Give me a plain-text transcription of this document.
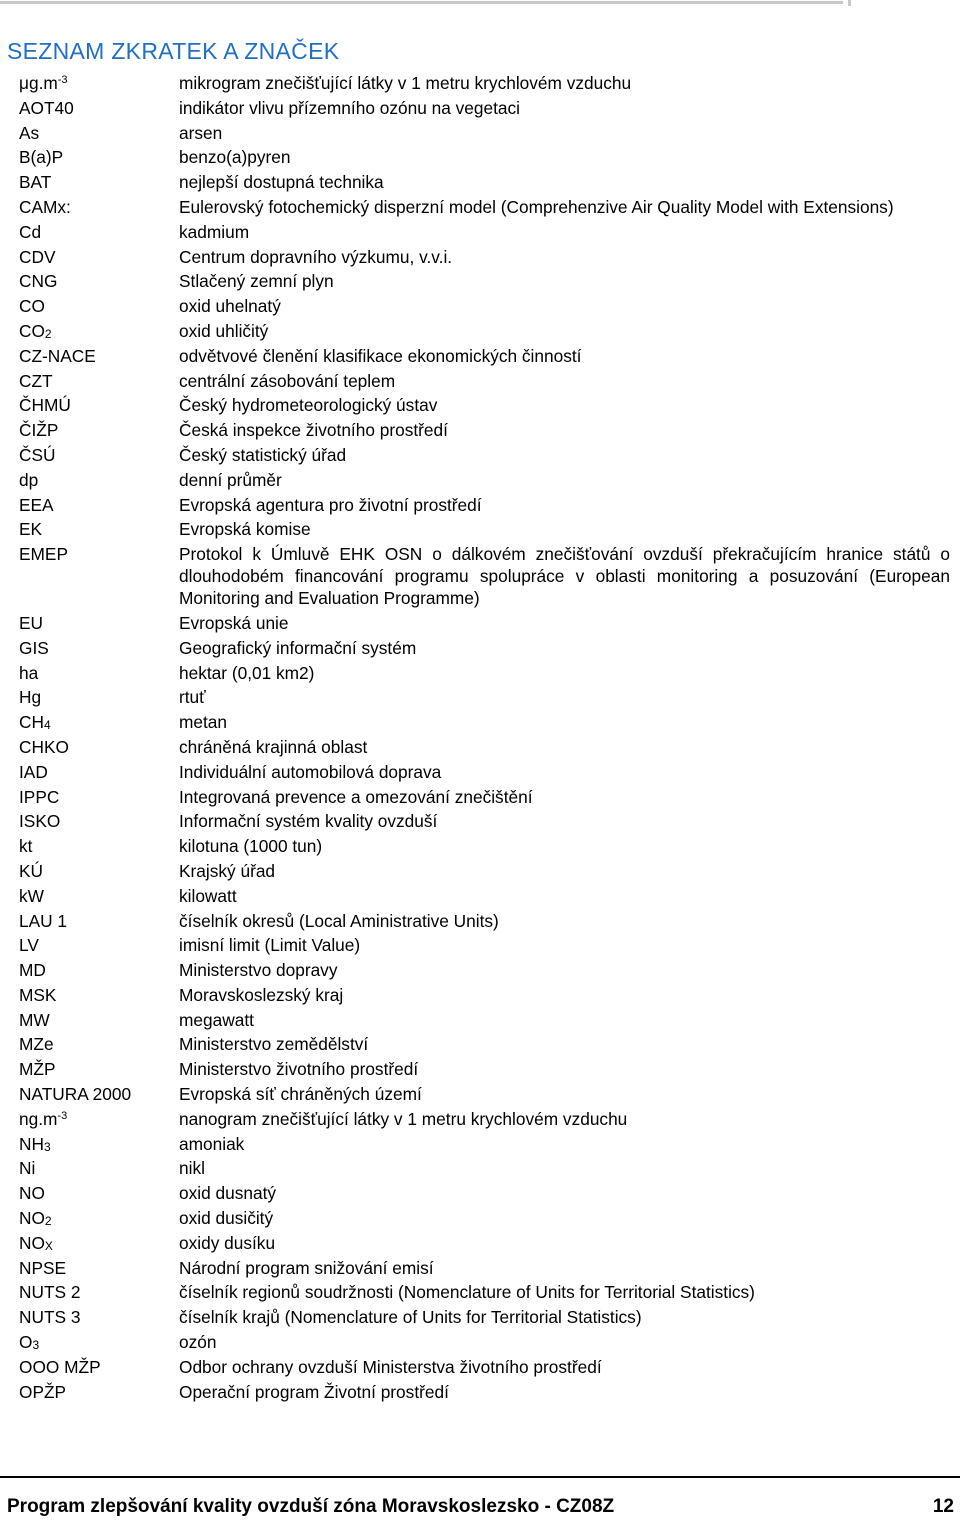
SEZNAM ZKRATEK A ZNAČEK
$\mu g.m^{-3}$	mikrogram znečišťující látky v 1 metru krychlovém vzduchu
AOT40	indikátor vlivu přízemního ozónu na vegetaci
As	arsen
B(a)P	benzo(a)pyren
BAT	nejlepší dostupná technika
CAMx:	Eulerovský fotochemický disperzní model (Comprehenzive Air Quality Model with Extensions)
Cd	kadmium
CDV	Centrum dopravního výzkumu, v.v.i.
CNG	Stlačený zemní plyn
CO	oxid uhelnatý
$CO_2$	oxid uhličitý
CZ-NACE	odvětvové členění klasifikace ekonomických činností
CZT	centrální zásobování teplem
ČHMÚ	Český hydrometeorologický ústav
ČIŽP	Česká inspekce životního prostředí
ČSÚ	Český statistický úřad
dp	denní průměr
EEA	Evropská agentura pro životní prostředí
EK	Evropská komise
EMEP	Protokol k Úmluvě EHK OSN o dálkovém znečišťování ovzduší překračujícím hranice států o dlouhodobém financování programu spolupráce v oblasti monitoring a posuzování (European Monitoring and Evaluation Programme)
EU	Evropská unie
GIS	Geografický informační systém
ha	hektar (0,01 km2)
Hg	rtuť
$CH_4$	metan
CHKO	chráněná krajinná oblast
IAD	Individuální automobilová doprava
IPPC	Integrovaná prevence a omezování znečištění
ISKO	Informační systém kvality ovzduší
kt	kilotuna (1000 tun)
KÚ	Krajský úřad
kW	kilowatt
LAU 1	číselník okresů (Local Aministrative Units)
LV	imisní limit (Limit Value)
MD	Ministerstvo dopravy
MSK	Moravskoslezský kraj
MW	megawatt
MZe	Ministerstvo zemědělství
MŽP	Ministerstvo životního prostředí
NATURA 2000	Evropská síť chráněných území
$ng.m^{-3}$	nanogram znečišťující látky v 1 metru krychlovém vzduchu
$NH_3$	amoniak
Ni	nikl
NO	oxid dusnatý
$NO_2$	oxid dusičitý
$NO_X$	oxidy dusíku
NPSE	Národní program snižování emisí
NUTS 2	číselník regionů soudržnosti (Nomenclature of Units for Territorial Statistics)
NUTS 3	číselník krajů (Nomenclature of Units for Territorial Statistics)
$O_3$	ozón
OOO MŽP	Odbor ochrany ovzduší Ministerstva životního prostředí
OPŽP	Operační program Životní prostředí
Program zlepšování kvality ovzduší zóna Moravskoslezsko - CZ08Z	12
